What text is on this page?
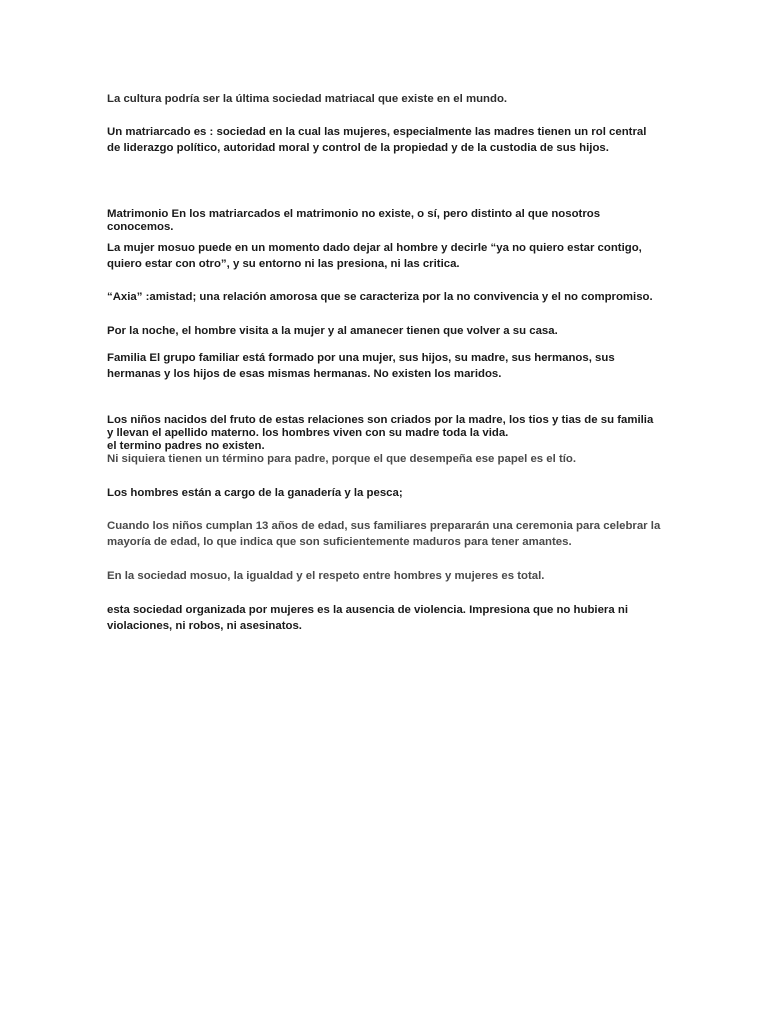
La cultura podría ser la última sociedad matriacal que existe en el mundo.
Un matriarcado es : sociedad en la cual las mujeres, especialmente las madres tienen un rol central
de liderazgo político, autoridad moral y control de la propiedad y de la custodia de sus hijos.
Matrimonio En los matriarcados el matrimonio no existe, o sí, pero distinto al que nosotros
conocemos.
La mujer mosuo puede en un momento dado dejar al hombre y decirle “ya no quiero estar contigo,
quiero estar con otro”, y su entorno ni las presiona, ni las critica.
“Axia” :amistad; una relación amorosa que se caracteriza por la no convivencia y el no compromiso.
Por la noche, el hombre visita a la mujer y al amanecer tienen que volver a su casa.
Familia El grupo familiar está formado por una mujer, sus hijos, su madre, sus hermanos, sus
hermanas y los hijos de esas mismas hermanas. No existen los maridos.
Los niños nacidos del fruto de estas relaciones son criados por la madre, los tios y tias de su familia
y llevan el apellido materno. los hombres viven con su madre toda la vida.
el termino padres no existen.
Ni siquiera tienen un término para padre, porque el que desempeña ese papel es el tío.
Los hombres están a cargo de la ganadería y la pesca;
Cuando los niños cumplan 13 años de edad, sus familiares prepararán una ceremonia para celebrar la
mayoría de edad, lo que indica que son suficientemente maduros para tener amantes.
En la sociedad mosuo, la igualdad y el respeto entre hombres y mujeres es total.
esta sociedad organizada por mujeres es la ausencia de violencia. Impresiona que no hubiera ni
violaciones, ni robos, ni asesinatos.
